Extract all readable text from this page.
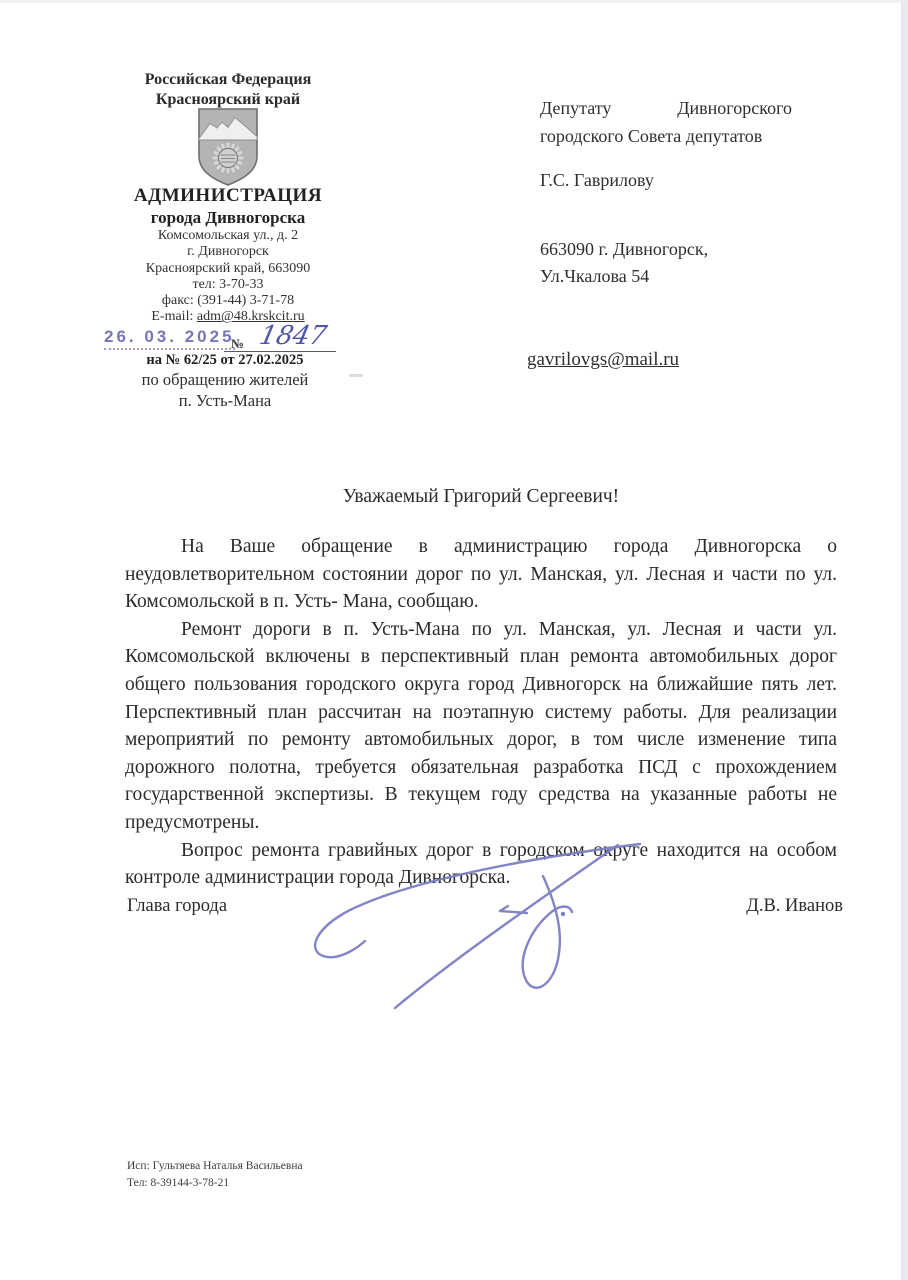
Российская Федерация
Красноярский край
АДМИНИСТРАЦИЯ
города Дивногорска
Комсомольская ул., д. 2
г. Дивногорск
Красноярский край, 663090
тел: 3-70-33
факс: (391-44) 3-71-78
E-mail: adm@48.krskcit.ru
26. 03. 2025
№ 1847
на № 62/25 от 27.02.2025
по обращению жителей
п. Усть-Мана
Депутату	Дивногорского
городского Совета депутатов
Г.С. Гаврилову
663090 г. Дивногорск,
Ул.Чкалова 54
gavrilovgs@mail.ru
Уважаемый Григорий Сергеевич!

На Ваше обращение в администрацию города Дивногорска о неудовлетворительном состоянии дорог по ул. Манская, ул. Лесная и части по ул. Комсомольской в п. Усть- Мана, сообщаю.

Ремонт дороги в п. Усть-Мана по ул. Манская, ул. Лесная и части ул. Комсомольской включены в перспективный план ремонта автомобильных дорог общего пользования городского округа город Дивногорск на ближайшие пять лет. Перспективный план рассчитан на поэтапную систему работы. Для реализации мероприятий по ремонту автомобильных дорог, в том числе изменение типа дорожного полотна, требуется обязательная разработка ПСД с прохождением государственной экспертизы. В текущем году средства на указанные работы не предусмотрены.

Вопрос ремонта гравийных дорог в городском округе находится на особом контроле администрации города Дивногорска.

Глава города	Д.В. Иванов
Исп: Гультяева Наталья Васильевна
Тел: 8-39144-3-78-21
